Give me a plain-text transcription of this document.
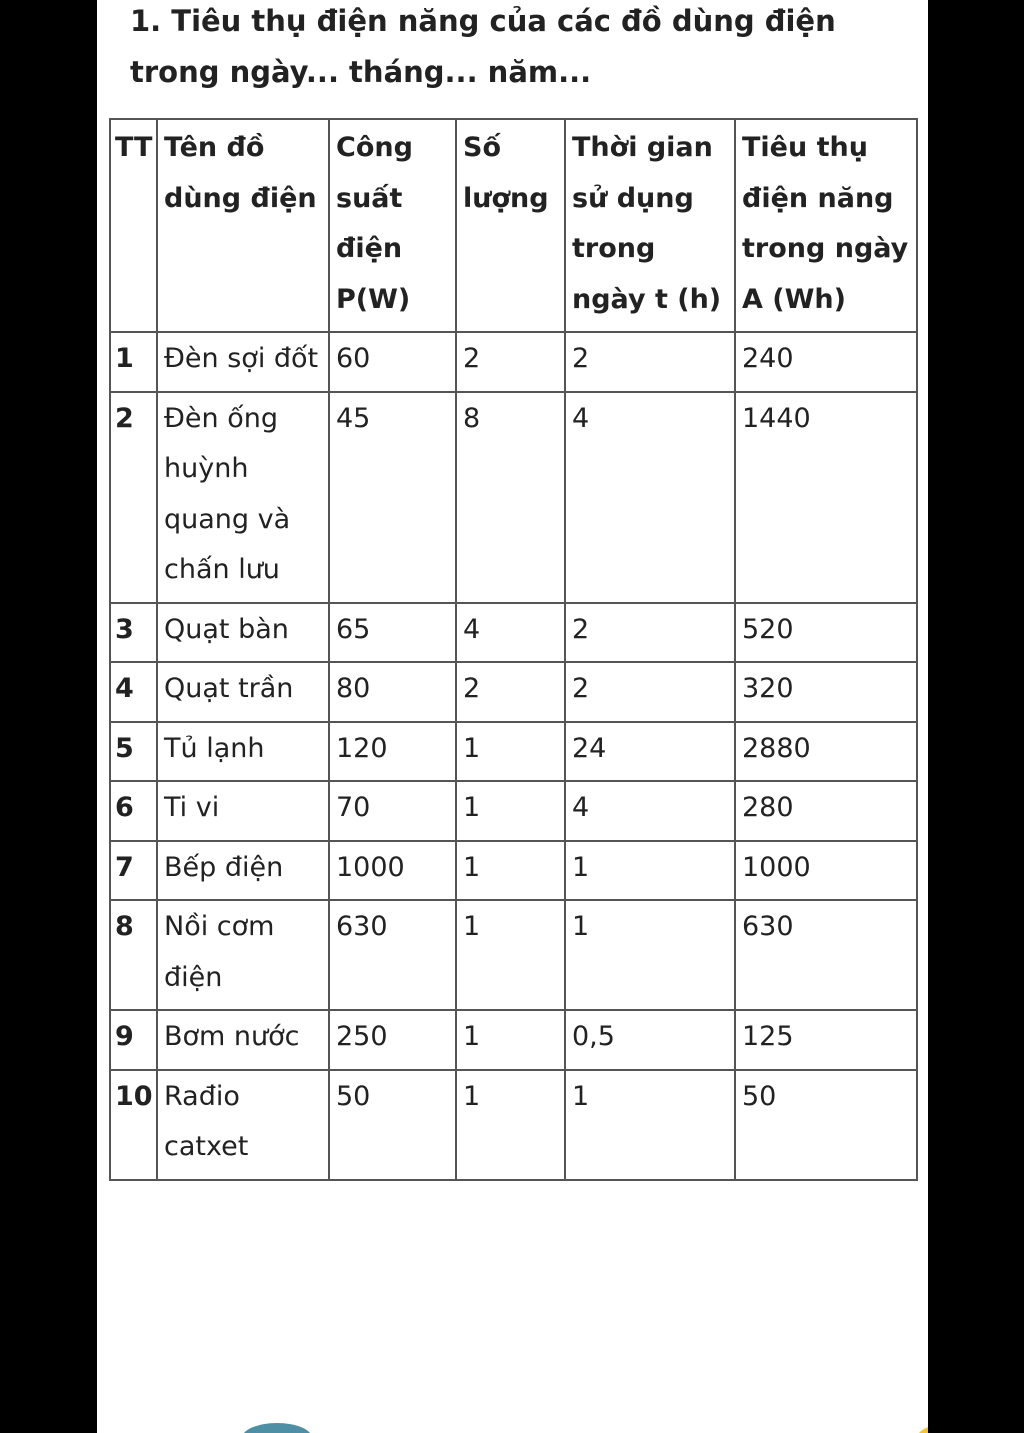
1. Tiêu thụ điện năng của các đồ dùng điện trong ngày... tháng... năm...
TT	Tên đồ dùng điện	Công suất điện P(W)	Số lượng	Thời gian sử dụng trong ngày t (h)	Tiêu thụ điện năng trong ngày A (Wh)
1	Đèn sợi đốt	60	2	2	240
2	Đèn ống huỳnh quang và chấn lưu	45	8	4	1440
3	Quạt bàn	65	4	2	520
4	Quạt trần	80	2	2	320
5	Tủ lạnh	120	1	24	2880
6	Ti vi	70	1	4	280
7	Bếp điện	1000	1	1	1000
8	Nồi cơm điện	630	1	1	630
9	Bơm nước	250	1	0,5	125
10	Rađio catxet	50	1	1	50
